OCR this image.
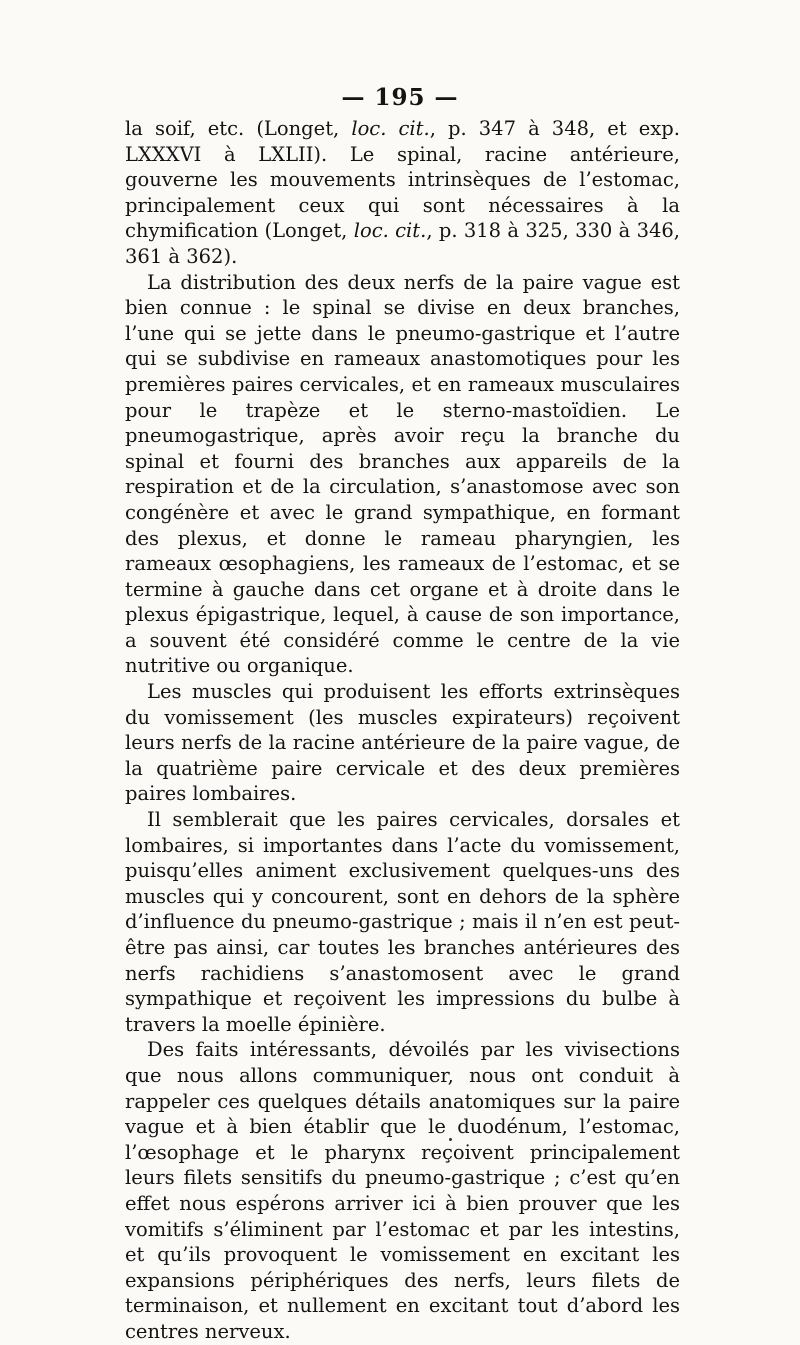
— 195 —

la soif, etc. (Longet, loc. cit., p. 347 à 348, et exp. LXXXVI à LXLII). Le spinal, racine antérieure, gouverne les mouvements intrinsèques de l’estomac, principalement ceux qui sont nécessaires à la chymification (Longet, loc. cit., p. 318 à 325, 330 à 346, 361 à 362).

La distribution des deux nerfs de la paire vague est bien connue : le spinal se divise en deux branches, l’une qui se jette dans le pneumo-gastrique et l’autre qui se subdivise en rameaux anastomotiques pour les premières paires cervicales, et en rameaux musculaires pour le trapèze et le sterno-mastoïdien. Le pneumogastrique, après avoir reçu la branche du spinal et fourni des branches aux appareils de la respiration et de la circulation, s’anastomose avec son congénère et avec le grand sympathique, en formant des plexus, et donne le rameau pharyngien, les rameaux œsophagiens, les rameaux de l’estomac, et se termine à gauche dans cet organe et à droite dans le plexus épigastrique, lequel, à cause de son importance, a souvent été considéré comme le centre de la vie nutritive ou organique.

Les muscles qui produisent les efforts extrinsèques du vomissement (les muscles expirateurs) reçoivent leurs nerfs de la racine antérieure de la paire vague, de la quatrième paire cervicale et des deux premières paires lombaires.

Il semblerait que les paires cervicales, dorsales et lombaires, si importantes dans l’acte du vomissement, puisqu’elles animent exclusivement quelques-uns des muscles qui y concourent, sont en dehors de la sphère d’influence du pneumo-gastrique ; mais il n’en est peut-être pas ainsi, car toutes les branches antérieures des nerfs rachidiens s’anastomosent avec le grand sympathique et reçoivent les impressions du bulbe à travers la moelle épinière.

Des faits intéressants, dévoilés par les vivisections que nous allons communiquer, nous ont conduit à rappeler ces quelques détails anatomiques sur la paire vague et à bien établir que le duodénum, l’estomac, l’œsophage et le pharynx reçoivent principalement leurs filets sensitifs du pneumo-gastrique ; c’est qu’en effet nous espérons arriver ici à bien prouver que les vomitifs s’éliminent par l’estomac et par les intestins, et qu’ils provoquent le vomissement en excitant les expansions périphériques des nerfs, leurs filets de terminaison, et nullement en excitant tout d’abord les centres nerveux.
